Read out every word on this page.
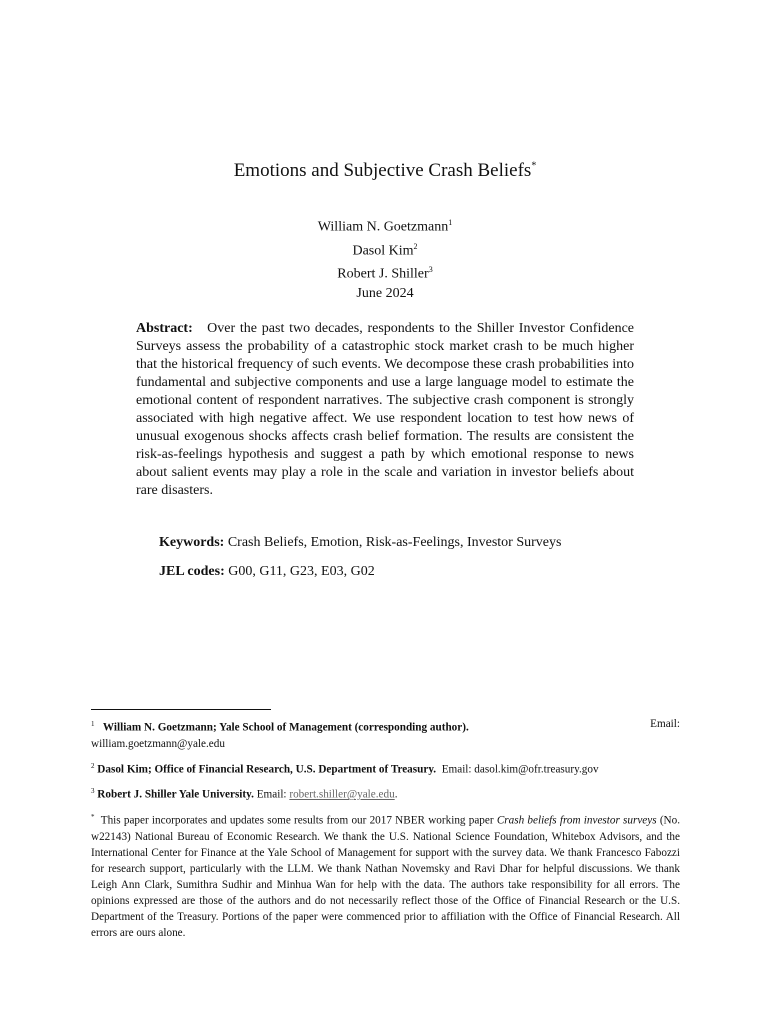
Emotions and Subjective Crash Beliefs*
William N. Goetzmann$^1$
Dasol Kim$^2$
Robert J. Shiller$^3$
June 2024
Abstract: Over the past two decades, respondents to the Shiller Investor Confidence Surveys assess the probability of a catastrophic stock market crash to be much higher that the historical frequency of such events. We decompose these crash probabilities into fundamental and subjective components and use a large language model to estimate the emotional content of respondent narratives. The subjective crash component is strongly associated with high negative affect. We use respondent location to test how news of unusual exogenous shocks affects crash belief formation. The results are consistent the risk-as-feelings hypothesis and suggest a path by which emotional response to news about salient events may play a role in the scale and variation in investor beliefs about rare disasters.
Keywords: Crash Beliefs, Emotion, Risk-as-Feelings, Investor Surveys
JEL codes: G00, G11, G23, E03, G02
$^1$ William N. Goetzmann; Yale School of Management (corresponding author).	Email:
william.goetzmann@yale.edu
$^2$ Dasol Kim; Office of Financial Research, U.S. Department of Treasury. Email: dasol.kim@ofr.treasury.gov
$^3$ Robert J. Shiller Yale University. Email: robert.shiller@yale.edu.
* This paper incorporates and updates some results from our 2017 NBER working paper Crash beliefs from investor surveys (No. w22143) National Bureau of Economic Research. We thank the U.S. National Science Foundation, Whitebox Advisors, and the International Center for Finance at the Yale School of Management for support with the survey data. We thank Francesco Fabozzi for research support, particularly with the LLM. We thank Nathan Novemsky and Ravi Dhar for helpful discussions. We thank Leigh Ann Clark, Sumithra Sudhir and Minhua Wan for help with the data. The authors take responsibility for all errors. The opinions expressed are those of the authors and do not necessarily reflect those of the Office of Financial Research or the U.S. Department of the Treasury. Portions of the paper were commenced prior to affiliation with the Office of Financial Research. All errors are ours alone.
